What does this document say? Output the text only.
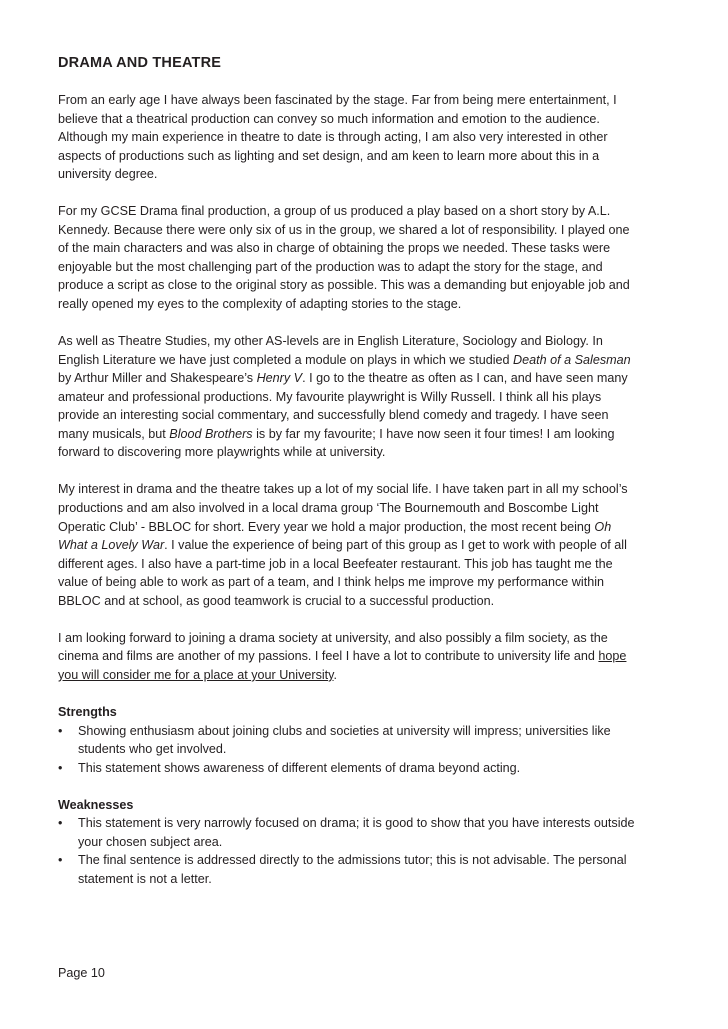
DRAMA AND THEATRE
From an early age I have always been fascinated by the stage. Far from being mere entertainment, I
believe that a theatrical production can convey so much information and emotion to the audience.
Although my main experience in theatre to date is through acting, I am also very interested in other
aspects of productions such as lighting and set design, and am keen to learn more about this in a
university degree.
For my GCSE Drama final production, a group of us produced a play based on a short story by A.L.
Kennedy. Because there were only six of us in the group, we shared a lot of responsibility. I played one
of the main characters and was also in charge of obtaining the props we needed. These tasks were
enjoyable but the most challenging part of the production was to adapt the story for the stage, and
produce a script as close to the original story as possible. This was a demanding but enjoyable job and
really opened my eyes to the complexity of adapting stories to the stage.
As well as Theatre Studies, my other AS-levels are in English Literature, Sociology and Biology. In
English Literature we have just completed a module on plays in which we studied Death of a Salesman
by Arthur Miller and Shakespeare’s Henry V. I go to the theatre as often as I can, and have seen many
amateur and professional productions. My favourite playwright is Willy Russell. I think all his plays
provide an interesting social commentary, and successfully blend comedy and tragedy. I have seen
many musicals, but Blood Brothers is by far my favourite; I have now seen it four times! I am looking
forward to discovering more playwrights while at university.
My interest in drama and the theatre takes up a lot of my social life. I have taken part in all my school’s
productions and am also involved in a local drama group ‘The Bournemouth and Boscombe Light
Operatic Club’ - BBLOC for short. Every year we hold a major production, the most recent being Oh
What a Lovely War. I value the experience of being part of this group as I get to work with people of all
different ages. I also have a part-time job in a local Beefeater restaurant. This job has taught me the
value of being able to work as part of a team, and I think helps me improve my performance within
BBLOC and at school, as good teamwork is crucial to a successful production.
I am looking forward to joining a drama society at university, and also possibly a film society, as the
cinema and films are another of my passions. I feel I have a lot to contribute to university life and hope
you will consider me for a place at your University.
Strengths
• Showing enthusiasm about joining clubs and societies at university will impress; universities like
students who get involved.
• This statement shows awareness of different elements of drama beyond acting.
Weaknesses
• This statement is very narrowly focused on drama; it is good to show that you have interests outside
your chosen subject area.
• The final sentence is addressed directly to the admissions tutor; this is not advisable. The personal
statement is not a letter.
Page 10
